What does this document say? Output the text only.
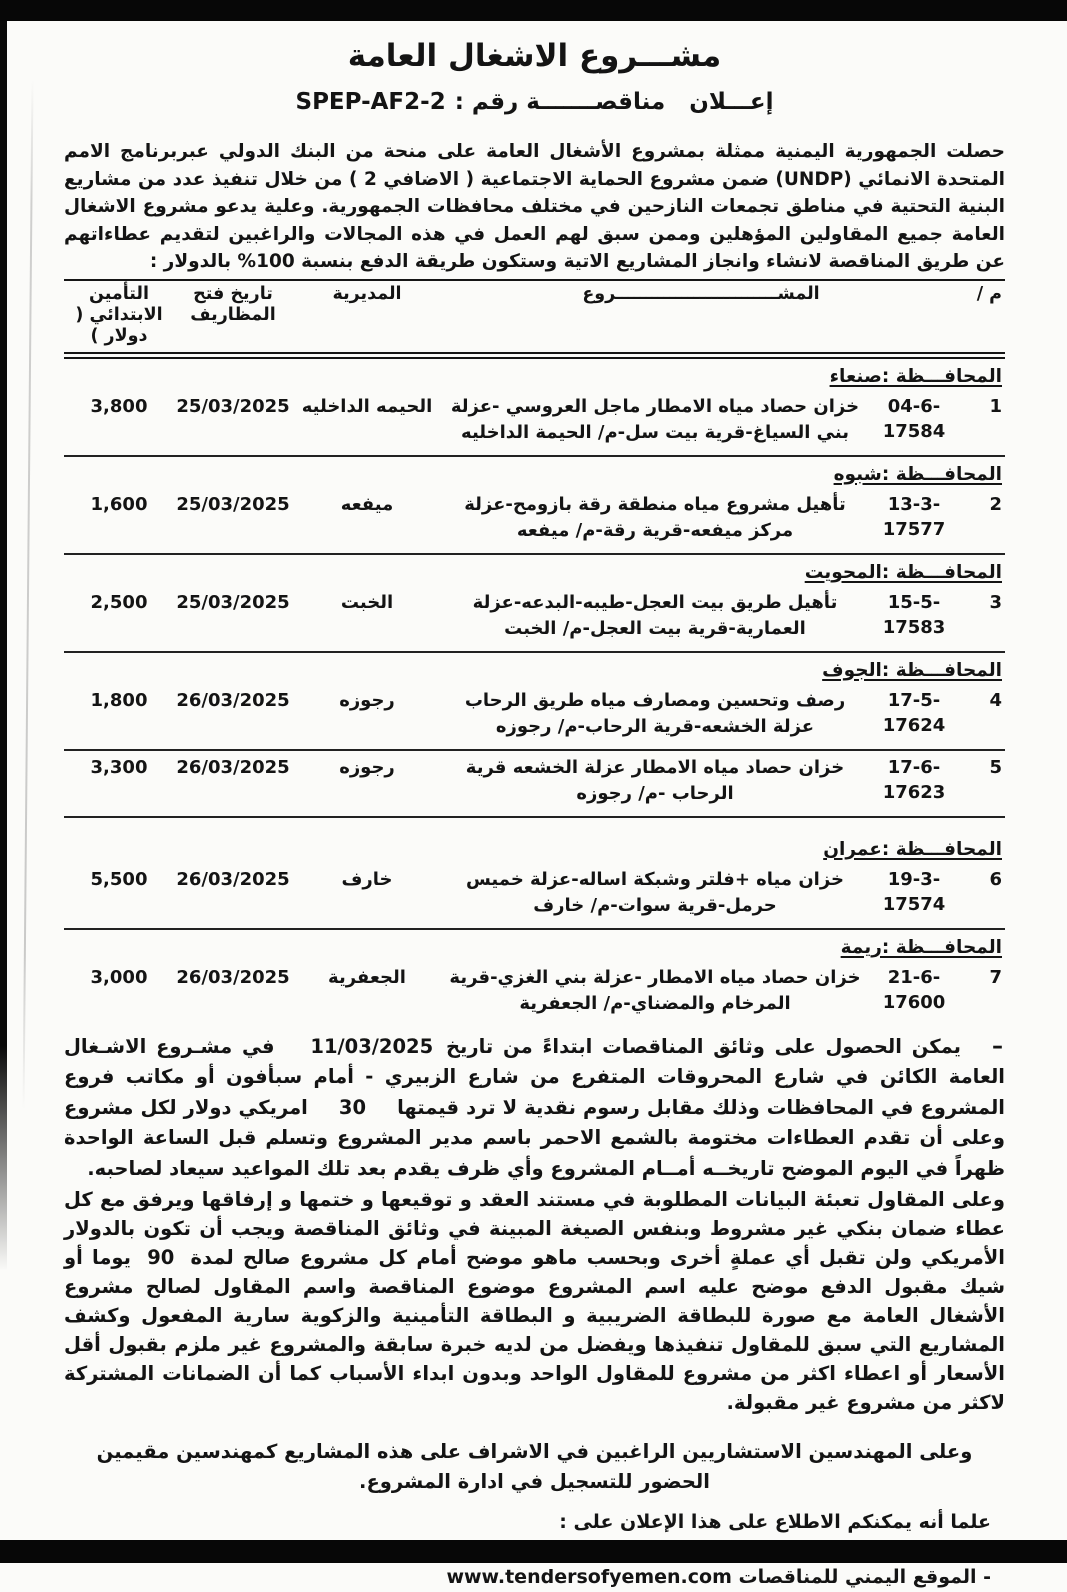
مشـــروع الاشغال العامة
إعـــلان   مناقصـــــــة رقم :
SPEP-AF2-2
حصلت الجمهورية اليمنية ممثلة بمشروع الأشغال العامة على منحة من البنك الدولي عبربرنامج الامم المتحدة الانمائي (UNDP) ضمن مشروع الحماية الاجتماعية ( الاضافي 2 ) من خلال تنفيذ عدد من مشاريع البنية التحتية في مناطق تجمعات النازحين في مختلف محافظات الجمهورية. وعلية يدعو مشروع الاشغال العامة جميع المقاولين المؤهلين وممن سبق لهم العمل في هذه المجالات والراغبين لتقديم عطاءاتهم عن طريق المناقصة لانشاء وانجاز المشاريع الاتية وستكون طريقة الدفع بنسبة 100% بالدولار :
م /
المشـــــــــــــــــــــــــــروع
المديرية
تاريخ فتح المظاريف
التأمين الابتدائي ( دولار )
المحافـــظة :صنعاء
1
04-6-17584
خزان حصاد مياه الامطار ماجل العروسي -عزلة بني السياغ-قرية بيت سل-م/ الحيمة الداخليه
الحيمه الداخليه
25/03/2025
3,800
المحافـــظة :شبوه
2
13-3-17577
تأهيل مشروع مياه منطقة رقة بازومح-عزلة مركز ميفعه-قرية رقة-م/ ميفعه
ميفعه
25/03/2025
1,600
المحافـــظة :المحويت
3
15-5-17583
تأهيل طريق بيت العجل-طيبه-البدعه-عزلة العمارية-قرية بيت العجل-م/ الخبت
الخبت
25/03/2025
2,500
المحافـــظة :الجوف
4
17-5-17624
رصف وتحسين ومصارف مياه طريق الرحاب عزلة الخشعه-قرية الرحاب-م/ رجوزه
رجوزه
26/03/2025
1,800
5
17-6-17623
خزان حصاد مياه الامطار عزلة الخشعه قرية الرحاب -م/ رجوزه
رجوزه
26/03/2025
3,300
المحافـــظة :عمران
6
19-3-17574
خزان مياه +فلتر وشبكة اساله-عزلة خميس حرمل-قرية سوات-م/ خارف
خارف
26/03/2025
5,500
المحافـــظة :ريمة
7
21-6-17600
خزان حصاد مياه الامطار -عزلة بني الغزي-قرية المرخام والمضناي-م/ الجعفرية
الجعفرية
26/03/2025
3,000
–
يمكن الحصول على وثائق المناقصات ابتداءً من تاريخ 11/03/2025 في مشـروع الاشـغال العامة الكائن في شارع المحروقات المتفرع من شارع الزبيري - أمام سبأفون أو مكاتب فروع المشروع في المحافظات وذلك مقابل رسوم نقدية لا ترد قيمتها 30 امريكي دولار لكل مشروع وعلى أن تقدم العطاءات مختومة بالشمع الاحمر باسم مدير المشروع وتسلم قبل الساعة الواحدة ظهراً في اليوم الموضح تاريخــه أمــام المشروع وأي ظرف يقدم بعد تلك المواعيد سيعاد لصاحبه.
وعلى المقاول تعبئة البيانات المطلوبة في مستند العقد و توقيعها و ختمها و إرفاقها ويرفق مع كل عطاء ضمان بنكي غير مشروط وبنفس الصيغة المبينة في وثائق المناقصة ويجب أن تكون بالدولار الأمريكي ولن تقبل أي عملةٍ أخرى وبحسب ماهو موضح أمام كل مشروع صالح لمدة 90 يوما أو شيك مقبول الدفع موضح عليه اسم المشروع موضوع المناقصة واسم المقاول لصالح مشروع الأشغال العامة مع صورة للبطاقة الضريبية و البطاقة التأمينية والزكوية سارية المفعول وكشف المشاريع التي سبق للمقاول تنفيذها ويفضل من لديه خبرة سابقة والمشروع غير ملزم بقبول أقل الأسعار أو اعطاء اكثر من مشروع للمقاول الواحد وبدون ابداء الأسباب كما أن الضمانات المشتركة لاكثر من مشروع غير مقبولة.
وعلى المهندسين الاستشاريين الراغبين في الاشراف على هذه المشاريع كمهندسين مقيمين الحضور للتسجيل في ادارة المشروع.
علما أنه يمكنكم الاطلاع على هذا الإعلان على :
- الموقع اليمني للمناقصات www.tendersofyemen.com
